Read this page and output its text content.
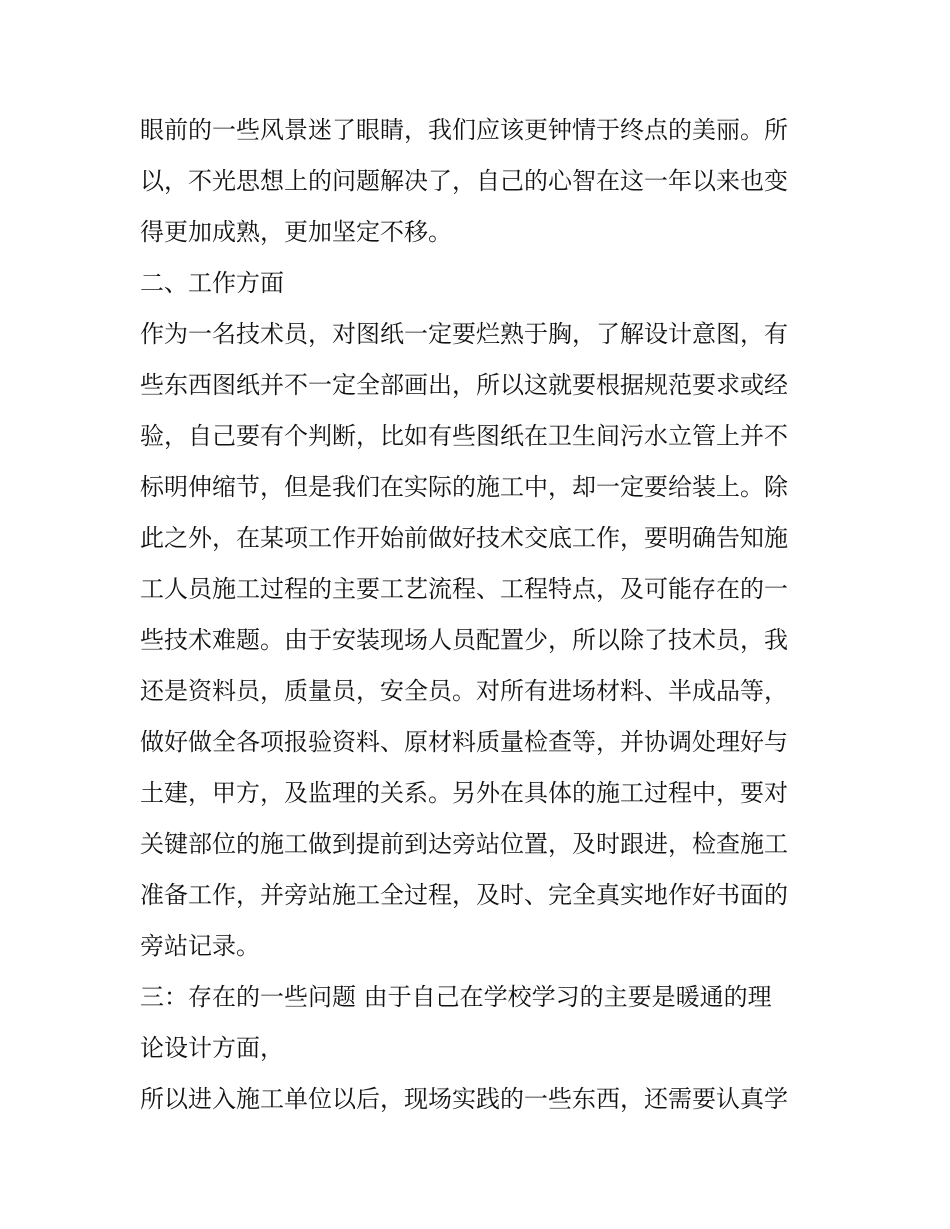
眼前的一些风景迷了眼睛，我们应该更钟情于终点的美丽。所
以，不光思想上的问题解决了，自己的心智在这一年以来也变
得更加成熟，更加坚定不移。
二、工作方面
作为一名技术员，对图纸一定要烂熟于胸，了解设计意图，有
些东西图纸并不一定全部画出，所以这就要根据规范要求或经
验，自己要有个判断，比如有些图纸在卫生间污水立管上并不
标明伸缩节，但是我们在实际的施工中，却一定要给装上。除
此之外，在某项工作开始前做好技术交底工作，要明确告知施
工人员施工过程的主要工艺流程、工程特点，及可能存在的一
些技术难题。由于安装现场人员配置少，所以除了技术员，我
还是资料员，质量员，安全员。对所有进场材料、半成品等，
做好做全各项报验资料、原材料质量检查等，并协调处理好与
土建，甲方，及监理的关系。另外在具体的施工过程中，要对
关键部位的施工做到提前到达旁站位置，及时跟进，检查施工
准备工作，并旁站施工全过程，及时、完全真实地作好书面的
旁站记录。
三：存在的一些问题 由于自己在学校学习的主要是暖通的理
论设计方面，
所以进入施工单位以后，现场实践的一些东西，还需要认真学
